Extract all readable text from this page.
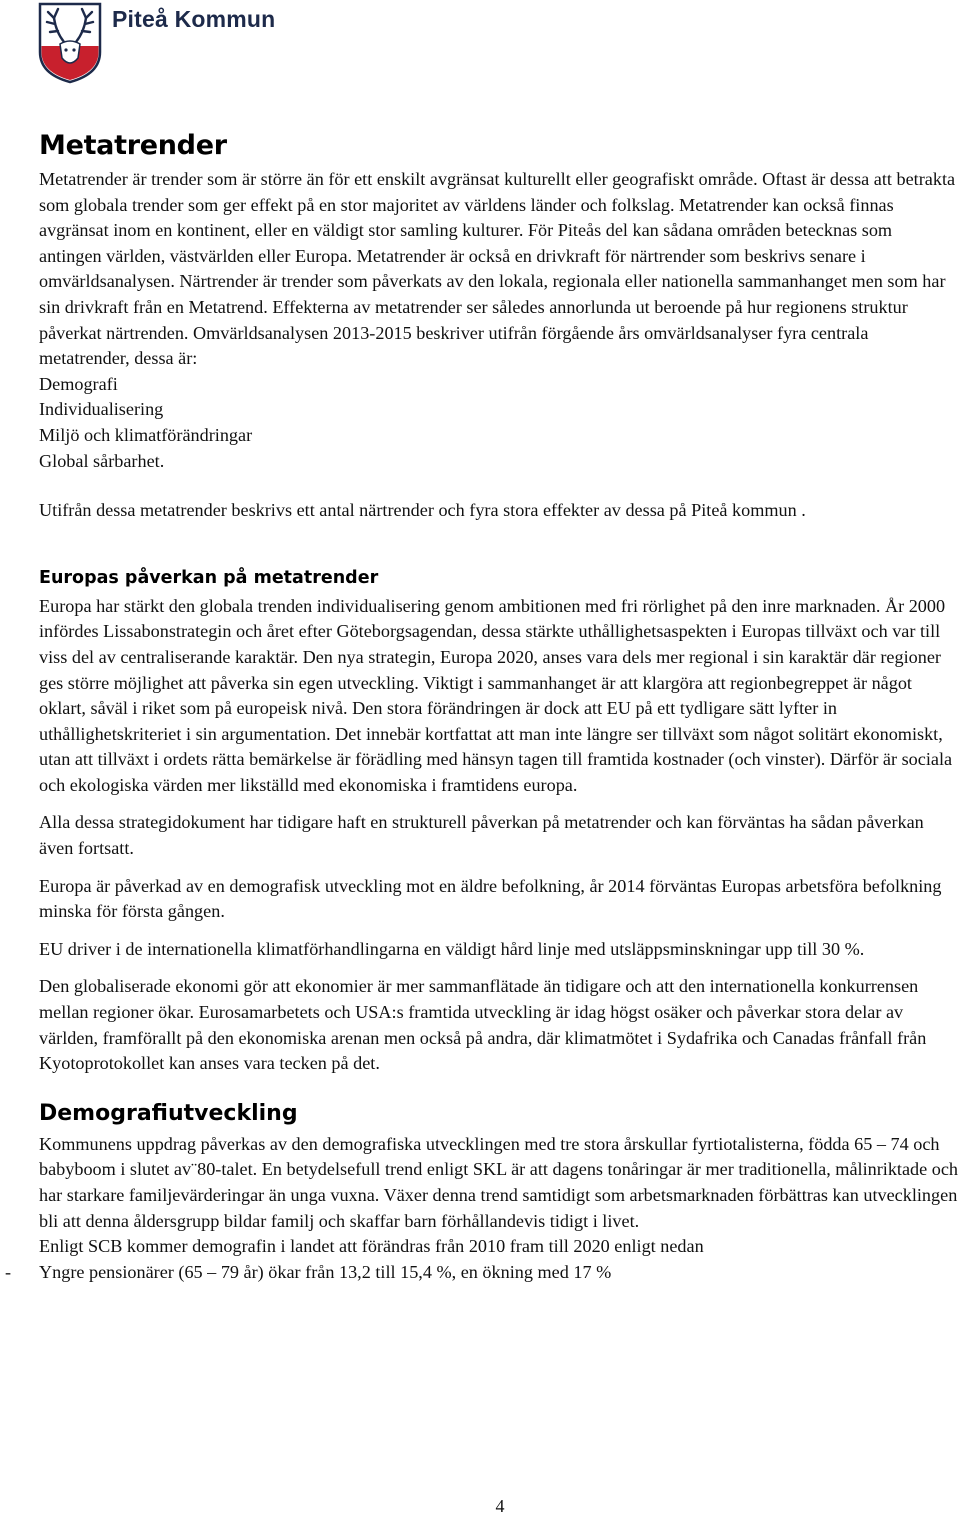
Piteå Kommun
Metatrender

Metatrender är trender som är större än för ett enskilt avgränsat kulturellt eller geografiskt område. Oftast är dessa att betrakta som globala trender som ger effekt på en stor majoritet av världens länder och folkslag. Metatrender kan också finnas avgränsat inom en kontinent, eller en väldigt stor samling kulturer. För Piteås del kan sådana områden betecknas som antingen världen, västvärlden eller Europa. Metatrender är också en drivkraft för närtrender som beskrivs senare i omvärldsanalysen. Närtrender är trender som påverkats av den lokala, regionala eller nationella sammanhanget men som har sin drivkraft från en Metatrend. Effekterna av metatrender ser således annorlunda ut beroende på hur regionens struktur påverkat närtrenden. Omvärldsanalysen 2013-2015 beskriver utifrån förgående års omvärldsanalyser fyra centrala metatrender, dessa är:

Demografi

Individualisering

Miljö och klimatförändringar

Global sårbarhet.

Utifrån dessa metatrender beskrivs ett antal närtrender och fyra stora effekter av dessa på Piteå kommun .

Europas påverkan på metatrender

Europa har stärkt den globala trenden individualisering genom ambitionen med fri rörlighet på den inre marknaden. År 2000 infördes Lissabonstrategin och året efter Göteborgsagendan, dessa stärkte uthållighetsaspekten i Europas tillväxt och var till viss del av centraliserande karaktär. Den nya strategin, Europa 2020, anses vara dels mer regional i sin karaktär där regioner ges större möjlighet att påverka sin egen utveckling. Viktigt i sammanhanget är att klargöra att regionbegreppet är något oklart, såväl i riket som på europeisk nivå. Den stora förändringen är dock att EU på ett tydligare sätt lyfter in uthållighetskriteriet i sin argumentation. Det innebär kortfattat att man inte längre ser tillväxt som något solitärt ekonomiskt, utan att tillväxt i ordets rätta bemärkelse är förädling med hänsyn tagen till framtida kostnader (och vinster). Därför är sociala och ekologiska värden mer likställd med ekonomiska i framtidens europa.

Alla dessa strategidokument har tidigare haft en strukturell påverkan på metatrender och kan förväntas ha sådan påverkan även fortsatt.

Europa är påverkad av en demografisk utveckling mot en äldre befolkning, år 2014 förväntas Europas arbetsföra befolkning minska för första gången.

EU driver i de internationella klimatförhandlingarna en väldigt hård linje med utsläppsminskningar upp till 30 %.

Den globaliserade ekonomi gör att ekonomier är mer sammanflätade än tidigare och att den internationella konkurrensen mellan regioner ökar. Eurosamarbetets och USA:s framtida utveckling är idag högst osäker och påverkar stora delar av världen, framförallt på den ekonomiska arenan men också på andra, där klimatmötet i Sydafrika och Canadas frånfall från Kyotoprotokollet kan anses vara tecken på det.

Demografiutveckling

Kommunens uppdrag påverkas av den demografiska utvecklingen med tre stora årskullar fyrtiotalisterna, födda 65 – 74 och babyboom i slutet av¨80-talet. En betydelsefull trend enligt SKL är att dagens tonåringar är mer traditionella, målinriktade och har starkare familjevärderingar än unga vuxna. Växer denna trend samtidigt som arbetsmarknaden förbättras kan utvecklingen bli att denna åldersgrupp bildar familj och skaffar barn förhållandevis tidigt i livet.

Enligt SCB kommer demografin i landet att förändras från 2010 fram till 2020 enligt nedan

- Yngre pensionärer (65 – 79 år) ökar från 13,2 till 15,4 %, en ökning med 17 %

4
